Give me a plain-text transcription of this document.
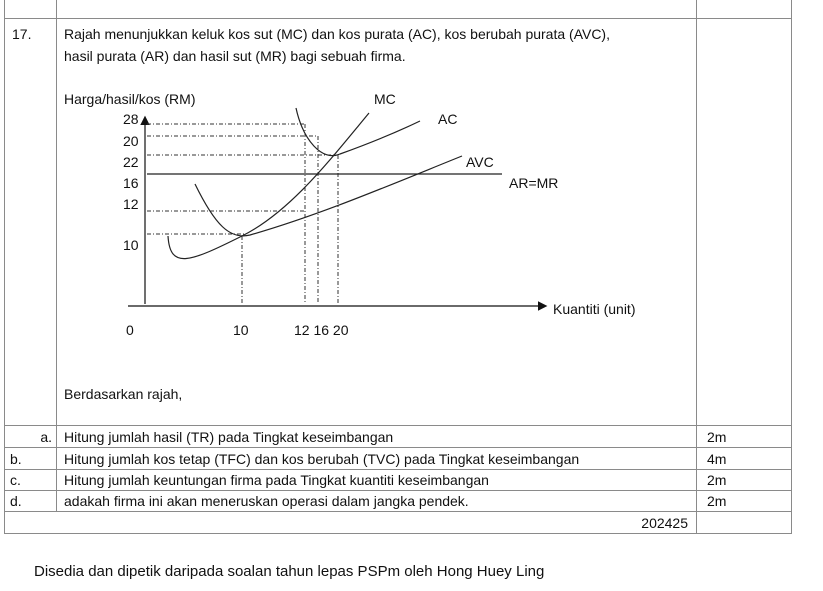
17. Rajah menunjukkan keluk kos sut (MC) dan kos purata (AC), kos berubah purata (AVC),
hasil purata (AR) dan hasil sut (MR) bagi sebuah firma.
Harga/hasil/kos (RM)	MC
AC
AVC
AR=MR
Kuantiti (unit)
28
20
22
16
12
10
0	10	12 16 20
Berdasarkan rajah,
a. Hitung jumlah hasil (TR) pada Tingkat keseimbangan	2m
b.	Hitung jumlah kos tetap (TFC) dan kos berubah (TVC) pada Tingkat keseimbangan	4m
c.	Hitung jumlah keuntungan firma pada Tingkat kuantiti keseimbangan	2m
d.	adakah firma ini akan meneruskan operasi dalam jangka pendek.	2m
202425
Disedia dan dipetik daripada soalan tahun lepas PSPm oleh Hong Huey Ling
